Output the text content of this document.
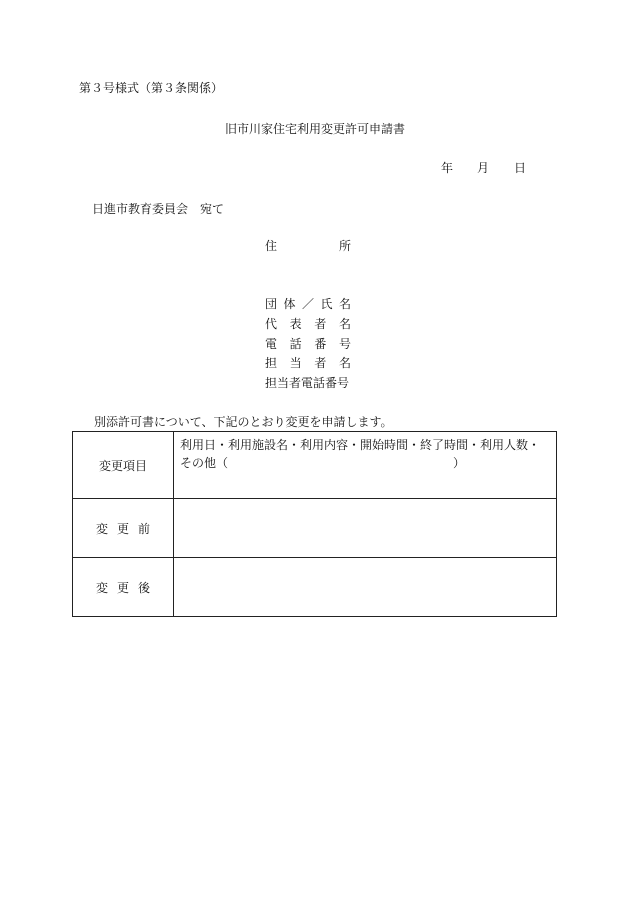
第３号様式（第３条関係）
旧市川家住宅利用変更許可申請書
年 月 日
日進市教育委員会　宛て
住	所
団 体 ／ 氏 名
代 表 者 名
電 話 番 号
担 当 者 名
担当者電話番号
別添許可書について、下記のとおり変更を申請します。
変更項目	利用日・利用施設名・利用内容・開始時間・終了時間・利用人数・
その他（ ）

変 更 前	

変 更 後	
